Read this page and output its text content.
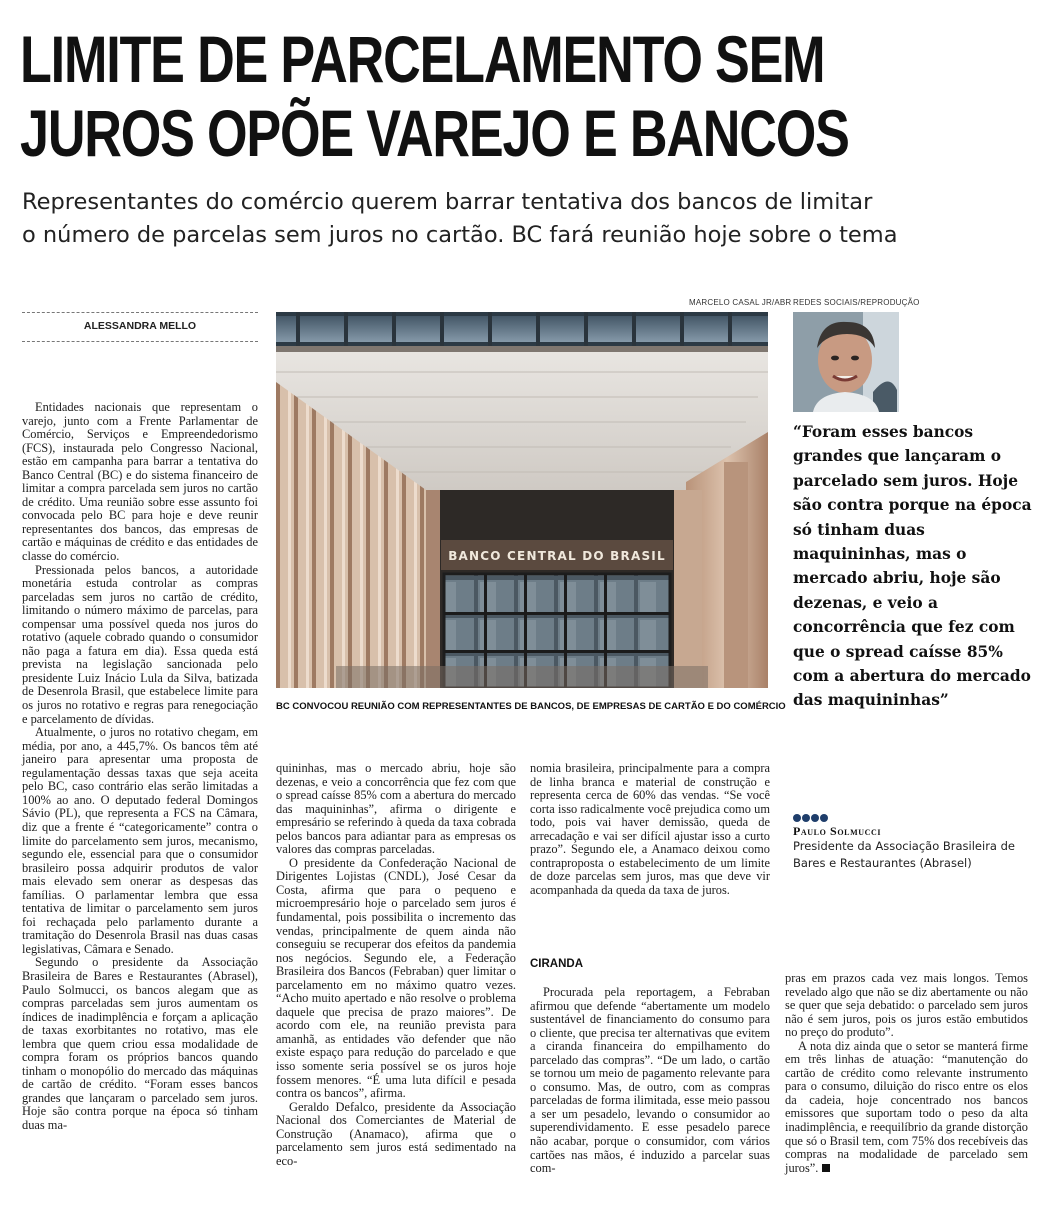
LIMITE DE PARCELAMENTO SEM
JUROS OPÕE VAREJO E BANCOS

Representantes do comércio querem barrar tentativa dos bancos de limitar
o número de parcelas sem juros no cartão. BC fará reunião hoje sobre o tema

ALESSANDRA MELLO
MARCELO CASAL JR/ABR
BANCO CENTRAL DO BRASIL
BC CONVOCOU REUNIÃO COM REPRESENTANTES DE BANCOS, DE EMPRESAS DE CARTÃO E DO COMÉRCIO
REDES SOCIAIS/REPRODUÇÃO
“Foram esses bancos grandes que lançaram o parcelado sem juros. Hoje são contra porque na época só tinham duas maquininhas, mas o mercado abriu, hoje são dezenas, e veio a concorrência que fez com que o spread caísse 85% com a abertura do mercado das maquininhas”
Paulo Solmucci
Presidente da Associação Brasileira de Bares e Restaurantes (Abrasel)

Entidades nacionais que representam o varejo, junto com a Frente Parlamentar de Comércio, Serviços e Empreendedorismo (FCS), instaurada pelo Congresso Nacional, estão em campanha para barrar a tentativa do Banco Central (BC) e do sistema financeiro de limitar a compra parcelada sem juros no cartão de crédito. Uma reunião sobre esse assunto foi convocada pelo BC para hoje e deve reunir representantes dos bancos, das empresas de cartão e máquinas de crédito e das entidades de classe do comércio.

Pressionada pelos bancos, a autoridade monetária estuda controlar as compras parceladas sem juros no cartão de crédito, limitando o número máximo de parcelas, para compensar uma possível queda nos juros do rotativo (aquele cobrado quando o consumidor não paga a fatura em dia). Essa queda está prevista na legislação sancionada pelo presidente Luiz Inácio Lula da Silva, batizada de Desenrola Brasil, que estabelece limite para os juros no rotativo e regras para renegociação e parcelamento de dívidas.

Atualmente, o juros no rotativo chegam, em média, por ano, a 445,7%. Os bancos têm até janeiro para apresentar uma proposta de regulamentação dessas taxas que seja aceita pelo BC, caso contrário elas serão limitadas a 100% ao ano. O deputado federal Domingos Sávio (PL), que representa a FCS na Câmara, diz que a frente é “categoricamente” contra o limite do parcelamento sem juros, mecanismo, segundo ele, essencial para que o consumidor brasileiro possa adquirir produtos de valor mais elevado sem onerar as despesas das famílias. O parlamentar lembra que essa tentativa de limitar o parcelamento sem juros foi rechaçada pelo parlamento durante a tramitação do Desenrola Brasil nas duas casas legislativas, Câmara e Senado.

Segundo o presidente da Associação Brasileira de Bares e Restaurantes (Abrasel), Paulo Solmucci, os bancos alegam que as compras parceladas sem juros aumentam os índices de inadimplência e forçam a aplicação de taxas exorbitantes no rotativo, mas ele lembra que quem criou essa modalidade de compra foram os próprios bancos quando tinham o monopólio do mercado das máquinas de cartão de crédito. “Foram esses bancos grandes que lançaram o parcelado sem juros. Hoje são contra porque na época só tinham duas ma-

quininhas, mas o mercado abriu, hoje são dezenas, e veio a concorrência que fez com que o spread caísse 85% com a abertura do mercado das maquininhas”, afirma o dirigente e empresário se referindo à queda da taxa cobrada pelos bancos para adiantar para as empresas os valores das compras parceladas.

O presidente da Confederação Nacional de Dirigentes Lojistas (CNDL), José Cesar da Costa, afirma que para o pequeno e microempresário hoje o parcelado sem juros é fundamental, pois possibilita o incremento das vendas, principalmente de quem ainda não conseguiu se recuperar dos efeitos da pandemia nos negócios. Segundo ele, a Federação Brasileira dos Bancos (Febraban) quer limitar o parcelamento em no máximo quatro vezes. “Acho muito apertado e não resolve o problema daquele que precisa de prazo maiores”. De acordo com ele, na reunião prevista para amanhã, as entidades vão defender que não existe espaço para redução do parcelado e que isso somente seria possível se os juros hoje fossem menores. “É uma luta difícil e pesada contra os bancos”, afirma.

Geraldo Defalco, presidente da Associação Nacional dos Comerciantes de Material de Construção (Anamaco), afirma que o parcelamento sem juros está sedimentado na eco-

nomia brasileira, principalmente para a compra de linha branca e material de construção e representa cerca de 60% das vendas. “Se você corta isso radicalmente você prejudica como um todo, pois vai haver demissão, queda de arrecadação e vai ser difícil ajustar isso a curto prazo”. Segundo ele, a Anamaco deixou como contraproposta o estabelecimento de um limite de doze parcelas sem juros, mas que deve vir acompanhada da queda da taxa de juros.

CIRANDA

Procurada pela reportagem, a Febraban afirmou que defende “abertamente um modelo sustentável de financiamento do consumo para o cliente, que precisa ter alternativas que evitem a ciranda financeira do empilhamento do parcelado das compras”. “De um lado, o cartão se tornou um meio de pagamento relevante para o consumo. Mas, de outro, com as compras parceladas de forma ilimitada, esse meio passou a ser um pesadelo, levando o consumidor ao superendividamento. E esse pesadelo parece não acabar, porque o consumidor, com vários cartões nas mãos, é induzido a parcelar suas com-

pras em prazos cada vez mais longos. Temos revelado algo que não se diz abertamente ou não se quer que seja debatido: o parcelado sem juros não é sem juros, pois os juros estão embutidos no preço do produto”.

A nota diz ainda que o setor se manterá firme em três linhas de atuação: “manutenção do cartão de crédito como relevante instrumento para o consumo, diluição do risco entre os elos da cadeia, hoje concentrado nos bancos emissores que suportam todo o peso da alta inadimplência, e reequilíbrio da grande distorção que só o Brasil tem, com 75% dos recebíveis das compras na modalidade de parcelado sem juros”.
